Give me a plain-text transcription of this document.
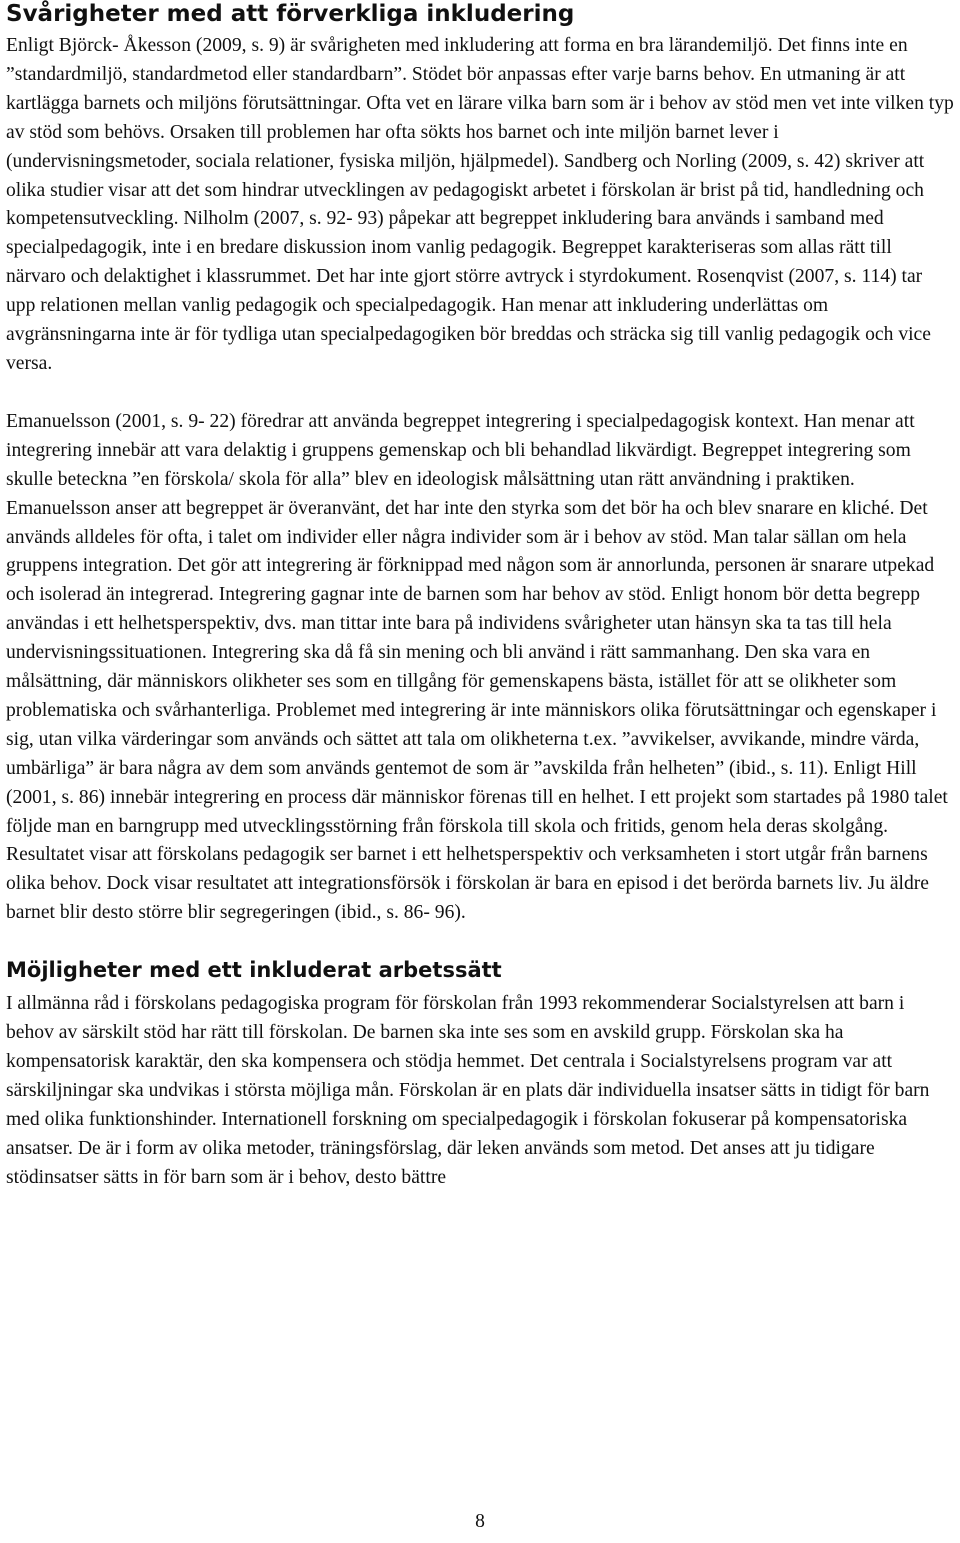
Svårigheter med att förverkliga inkludering

Enligt Björck- Åkesson (2009, s. 9) är svårigheten med inkludering att forma en bra lärandemiljö. Det finns inte en ”standardmiljö, standardmetod eller standardbarn”. Stödet bör anpassas efter varje barns behov. En utmaning är att kartlägga barnets och miljöns förutsättningar. Ofta vet en lärare vilka barn som är i behov av stöd men vet inte vilken typ av stöd som behövs. Orsaken till problemen har ofta sökts hos barnet och inte miljön barnet lever i (undervisningsmetoder, sociala relationer, fysiska miljön, hjälpmedel). Sandberg och Norling (2009, s. 42) skriver att olika studier visar att det som hindrar utvecklingen av pedagogiskt arbetet i förskolan är brist på tid, handledning och kompetensutveckling. Nilholm (2007, s. 92- 93) påpekar att begreppet inkludering bara används i samband med specialpedagogik, inte i en bredare diskussion inom vanlig pedagogik. Begreppet karakteriseras som allas rätt till närvaro och delaktighet i klassrummet. Det har inte gjort större avtryck i styrdokument. Rosenqvist (2007, s. 114) tar upp relationen mellan vanlig pedagogik och specialpedagogik. Han menar att inkludering underlättas om avgränsningarna inte är för tydliga utan specialpedagogiken bör breddas och sträcka sig till vanlig pedagogik och vice versa.

Emanuelsson (2001, s. 9- 22) föredrar att använda begreppet integrering i specialpedagogisk kontext. Han menar att integrering innebär att vara delaktig i gruppens gemenskap och bli behandlad likvärdigt. Begreppet integrering som skulle beteckna ”en förskola/ skola för alla” blev en ideologisk målsättning utan rätt användning i praktiken. Emanuelsson anser att begreppet är överanvänt, det har inte den styrka som det bör ha och blev snarare en kliché. Det används alldeles för ofta, i talet om individer eller några individer som är i behov av stöd. Man talar sällan om hela gruppens integration. Det gör att integrering är förknippad med någon som är annorlunda, personen är snarare utpekad och isolerad än integrerad. Integrering gagnar inte de barnen som har behov av stöd. Enligt honom bör detta begrepp användas i ett helhetsperspektiv, dvs. man tittar inte bara på individens svårigheter utan hänsyn ska ta tas till hela undervisningssituationen. Integrering ska då få sin mening och bli använd i rätt sammanhang. Den ska vara en målsättning, där människors olikheter ses som en tillgång för gemenskapens bästa, istället för att se olikheter som problematiska och svårhanterliga. Problemet med integrering är inte människors olika förutsättningar och egenskaper i sig, utan vilka värderingar som används och sättet att tala om olikheterna t.ex. ”avvikelser, avvikande, mindre värda, umbärliga” är bara några av dem som används gentemot de som är ”avskilda från helheten” (ibid., s. 11). Enligt Hill (2001, s. 86) innebär integrering en process där människor förenas till en helhet. I ett projekt som startades på 1980 talet följde man en barngrupp med utvecklingsstörning från förskola till skola och fritids, genom hela deras skolgång. Resultatet visar att förskolans pedagogik ser barnet i ett helhetsperspektiv och verksamheten i stort utgår från barnens olika behov. Dock visar resultatet att integrationsförsök i förskolan är bara en episod i det berörda barnets liv. Ju äldre barnet blir desto större blir segregeringen (ibid., s. 86- 96).

Möjligheter med ett inkluderat arbetssätt

I allmänna råd i förskolans pedagogiska program för förskolan från 1993 rekommenderar Socialstyrelsen att barn i behov av särskilt stöd har rätt till förskolan. De barnen ska inte ses som en avskild grupp. Förskolan ska ha kompensatorisk karaktär, den ska kompensera och stödja hemmet. Det centrala i Socialstyrelsens program var att särskiljningar ska undvikas i största möjliga mån. Förskolan är en plats där individuella insatser sätts in tidigt för barn med olika funktionshinder. Internationell forskning om specialpedagogik i förskolan fokuserar på kompensatoriska ansatser. De är i form av olika metoder, träningsförslag, där leken används som metod. Det anses att ju tidigare stödinsatser sätts in för barn som är i behov, desto bättre

8
